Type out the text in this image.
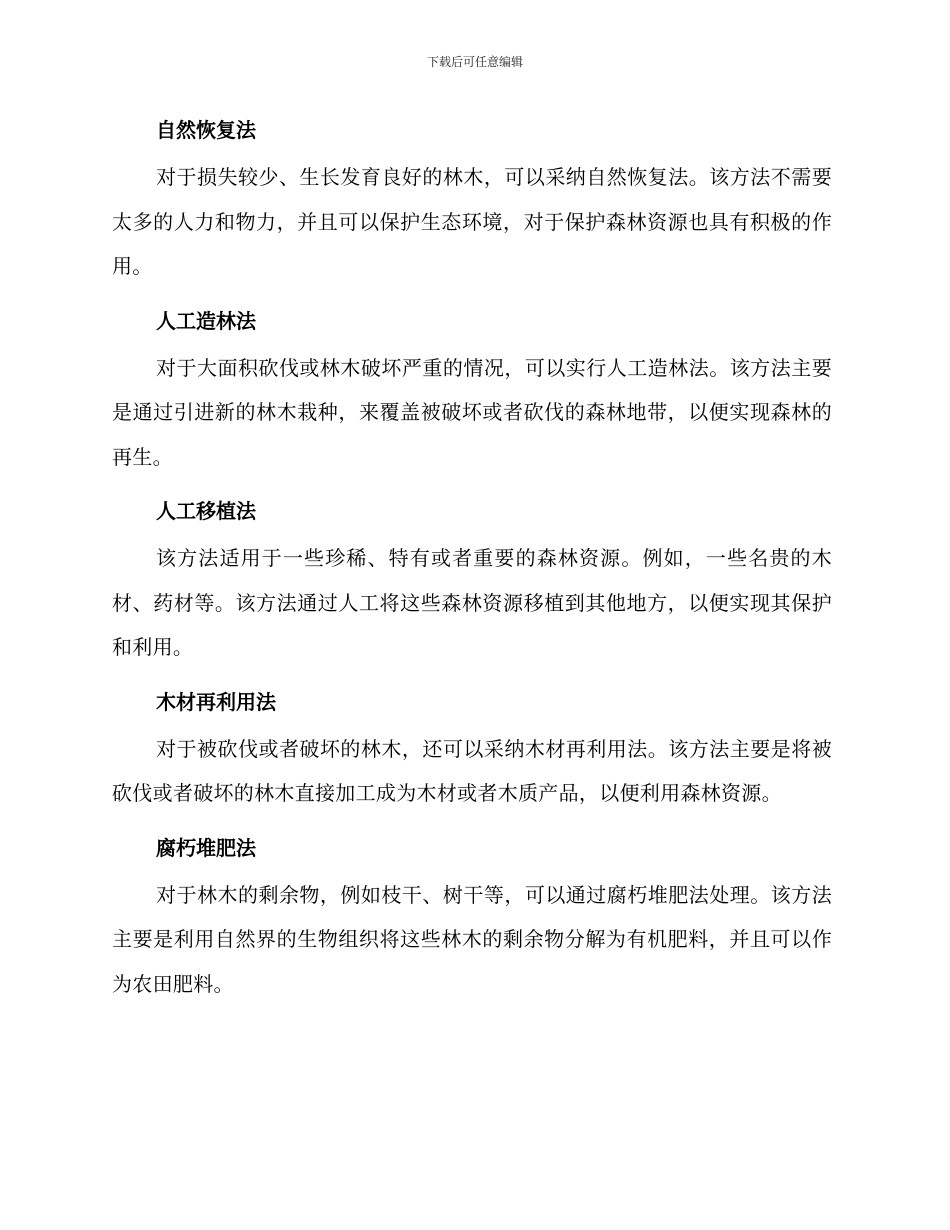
下载后可任意编辑
自然恢复法

对于损失较少、生长发育良好的林木，可以采纳自然恢复法。该方法不需要太多的人力和物力，并且可以保护生态环境，对于保护森林资源也具有积极的作用。

人工造林法

对于大面积砍伐或林木破坏严重的情况，可以实行人工造林法。该方法主要是通过引进新的林木栽种，来覆盖被破坏或者砍伐的森林地带，以便实现森林的再生。

人工移植法

该方法适用于一些珍稀、特有或者重要的森林资源。例如，一些名贵的木材、药材等。该方法通过人工将这些森林资源移植到其他地方，以便实现其保护和利用。

木材再利用法

对于被砍伐或者破坏的林木，还可以采纳木材再利用法。该方法主要是将被砍伐或者破坏的林木直接加工成为木材或者木质产品，以便利用森林资源。

腐朽堆肥法

对于林木的剩余物，例如枝干、树干等，可以通过腐朽堆肥法处理。该方法主要是利用自然界的生物组织将这些林木的剩余物分解为有机肥料，并且可以作为农田肥料。
